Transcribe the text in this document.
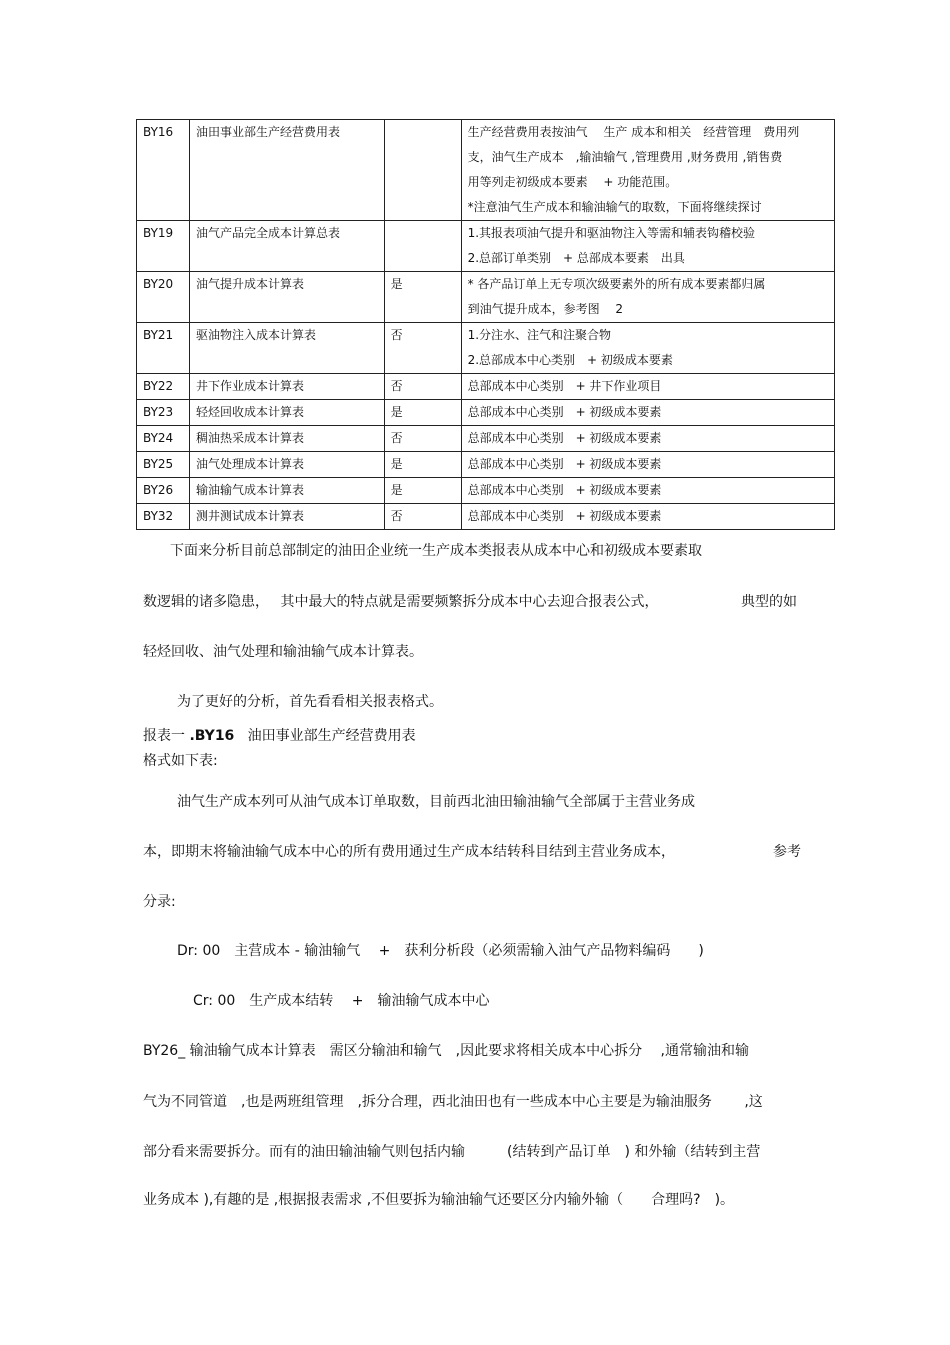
BY16	油田事业部生产经营费用表		生产经营费用表按油气　 生产 成本和相关　经营管理　费用列
支，油气生产成本　,输油输气 ,管理费用 ,财务费用 ,销售费
用等列走初级成本要素　 + 功能范围。
*注意油气生产成本和输油输气的取数，下面将继续探讨

BY19	油气产品完全成本计算总表		1.其报表项油气提升和驱油物注入等需和辅表钩稽校验
2.总部订单类别　+ 总部成本要素　出具

BY20	油气提升成本计算表	是	* 各产品订单上无专项次级要素外的所有成本要素都归属
到油气提升成本，参考图　 2

BY21	驱油物注入成本计算表	否	1.分注水、注气和注聚合物
2.总部成本中心类别　+ 初级成本要素

BY22	井下作业成本计算表	否	总部成本中心类别　+ 井下作业项目

BY23	轻烃回收成本计算表	是	总部成本中心类别　+ 初级成本要素

BY24	稠油热采成本计算表	否	总部成本中心类别　+ 初级成本要素

BY25	油气处理成本计算表	是	总部成本中心类别　+ 初级成本要素

BY26	输油输气成本计算表	是	总部成本中心类别　+ 初级成本要素

BY32	测井测试成本计算表	否	总部成本中心类别　+ 初级成本要素
下面来分析目前总部制定的油田企业统一生产成本类报表从成本中心和初级成本要素取
数逻辑的诸多隐患，　 其中最大的特点就是需要频繁拆分成本中心去迎合报表公式，	典型的如
轻烃回收、油气处理和输油输气成本计算表。
为了更好的分析，首先看看相关报表格式。
报表一 .BY16 油田事业部生产经营费用表
格式如下表:
油气生产成本列可从油气成本订单取数，目前西北油田输油输气全部属于主营业务成
本，即期末将输油输气成本中心的所有费用通过生产成本结转科目结到主营业务成本，	参考
分录:
Dr: 00　主营成本 - 输油输气　 +　获利分析段（必须需输入油气产品物料编码　　)
Cr: 00　生产成本结转　 +　输油输气成本中心
BY26_ 输油输气成本计算表　需区分输油和输气　,因此要求将相关成本中心拆分　 ,通常输油和输
气为不同管道　,也是两班组管理　,拆分合理，西北油田也有一些成本中心主要是为输油服务　　 ,这
部分看来需要拆分。而有的油田输油输气则包括内输　　　(结转到产品订单　) 和外输（结转到主营
业务成本 ),有趣的是 ,根据报表需求 ,不但要拆为输油输气还要区分内输外输（　　合理吗?　)。
